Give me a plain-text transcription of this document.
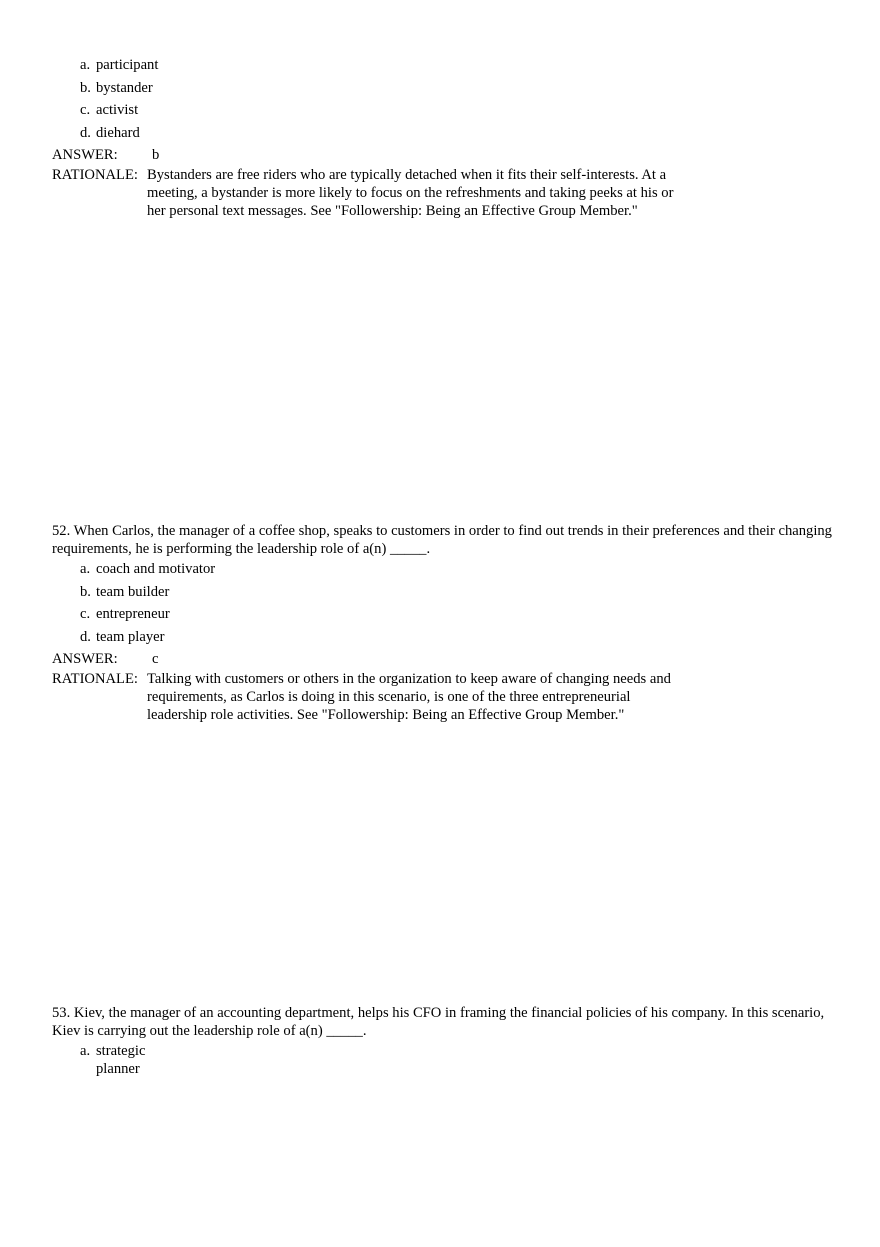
a. participant
b. bystander
c. activist
d. diehard
ANSWER: b
RATIONALE: Bystanders are free riders who are typically detached when it fits their self-interests. At a meeting, a bystander is more likely to focus on the refreshments and taking peeks at his or her personal text messages. See "Followership: Being an Effective Group Member."
52. When Carlos, the manager of a coffee shop, speaks to customers in order to find out trends in their preferences and their changing requirements, he is performing the leadership role of a(n) _____.
a. coach and motivator
b. team builder
c. entrepreneur
d. team player
ANSWER: c
RATIONALE: Talking with customers or others in the organization to keep aware of changing needs and requirements, as Carlos is doing in this scenario, is one of the three entrepreneurial leadership role activities. See "Followership: Being an Effective Group Member."
53. Kiev, the manager of an accounting department, helps his CFO in framing the financial policies of his company. In this scenario, Kiev is carrying out the leadership role of a(n) _____.
a. strategic planner
